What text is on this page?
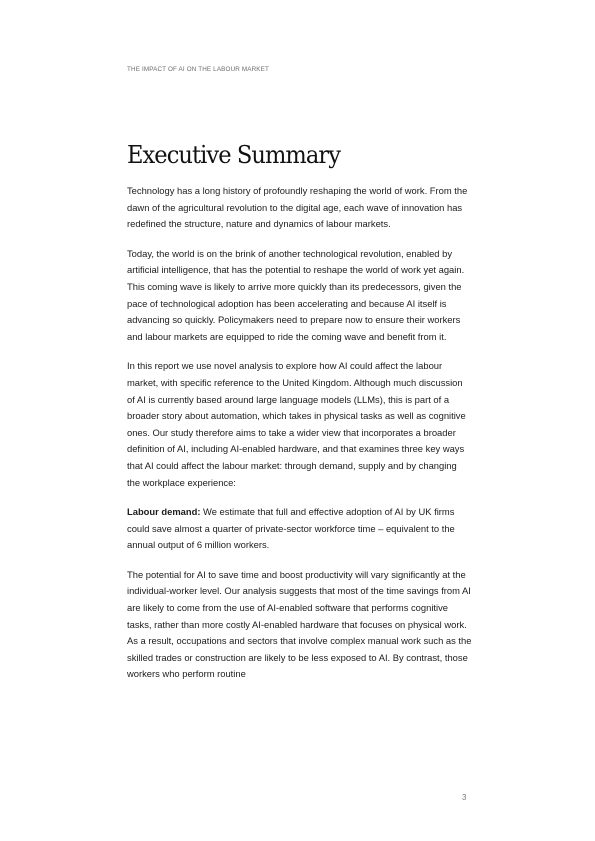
THE IMPACT OF AI ON THE LABOUR MARKET
Executive Summary

Technology has a long history of profoundly reshaping the world of work. From the dawn of the agricultural revolution to the digital age, each wave of innovation has redefined the structure, nature and dynamics of labour markets.

Today, the world is on the brink of another technological revolution, enabled by artificial intelligence, that has the potential to reshape the world of work yet again. This coming wave is likely to arrive more quickly than its predecessors, given the pace of technological adoption has been accelerating and because AI itself is advancing so quickly. Policymakers need to prepare now to ensure their workers and labour markets are equipped to ride the coming wave and benefit from it.

In this report we use novel analysis to explore how AI could affect the labour market, with specific reference to the United Kingdom. Although much discussion of AI is currently based around large language models (LLMs), this is part of a broader story about automation, which takes in physical tasks as well as cognitive ones. Our study therefore aims to take a wider view that incorporates a broader definition of AI, including AI-enabled hardware, and that examines three key ways that AI could affect the labour market: through demand, supply and by changing the workplace experience:

Labour demand: We estimate that full and effective adoption of AI by UK firms could save almost a quarter of private-sector workforce time – equivalent to the annual output of 6 million workers.

The potential for AI to save time and boost productivity will vary significantly at the individual-worker level. Our analysis suggests that most of the time savings from AI are likely to come from the use of AI-enabled software that performs cognitive tasks, rather than more costly AI-enabled hardware that focuses on physical work. As a result, occupations and sectors that involve complex manual work such as the skilled trades or construction are likely to be less exposed to AI. By contrast, those workers who perform routine

3
